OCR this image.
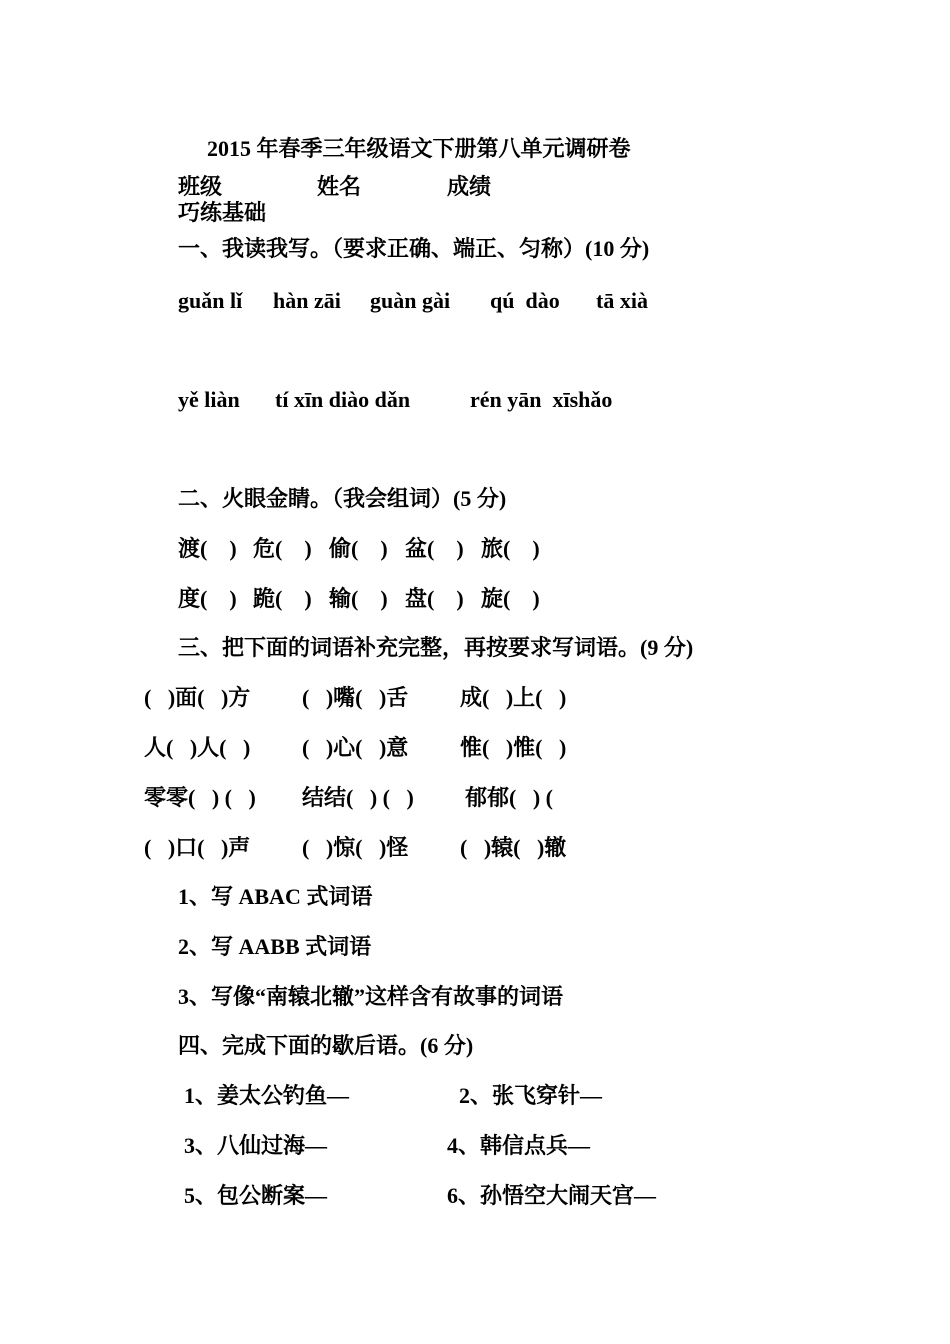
2015 年春季三年级语文下册第八单元调研卷
班级	姓名	成绩
巧练基础
一、我读我写。（要求正确、端正、匀称）(10 分)
guǎn lǐ hàn zāi guàn gài qú  dào tā xià
yě liàn tí xīn diào dǎn	rén yān  xīshǎo
二、火眼金睛。（我会组词）(5 分)
渡(    ) 危(    ) 偷(    ) 盆(    ) 旅(    )
度(    ) 跪(    ) 输(    ) 盘(    ) 旋(    )
三、把下面的词语补充完整，再按要求写词语。(9 分)
(   )面(   )方 (   )嘴(   )舌 成(   )上(   )
人(   )人(   ) (   )心(   )意 惟(   )惟(   )
零零(   ) (   ) 结结(   ) (   ) 郁郁(   ) (
(   )口(   )声 (   )惊(   )怪 (   )辕(   )辙
1、写 ABAC 式词语
2、写 AABB 式词语
3、写像“南辕北辙”这样含有故事的词语
四、完成下面的歇后语。(6 分)
1、姜太公钓鱼—	2、张飞穿针—
3、八仙过海—	4、韩信点兵—
5、包公断案—	6、孙悟空大闹天宫—
